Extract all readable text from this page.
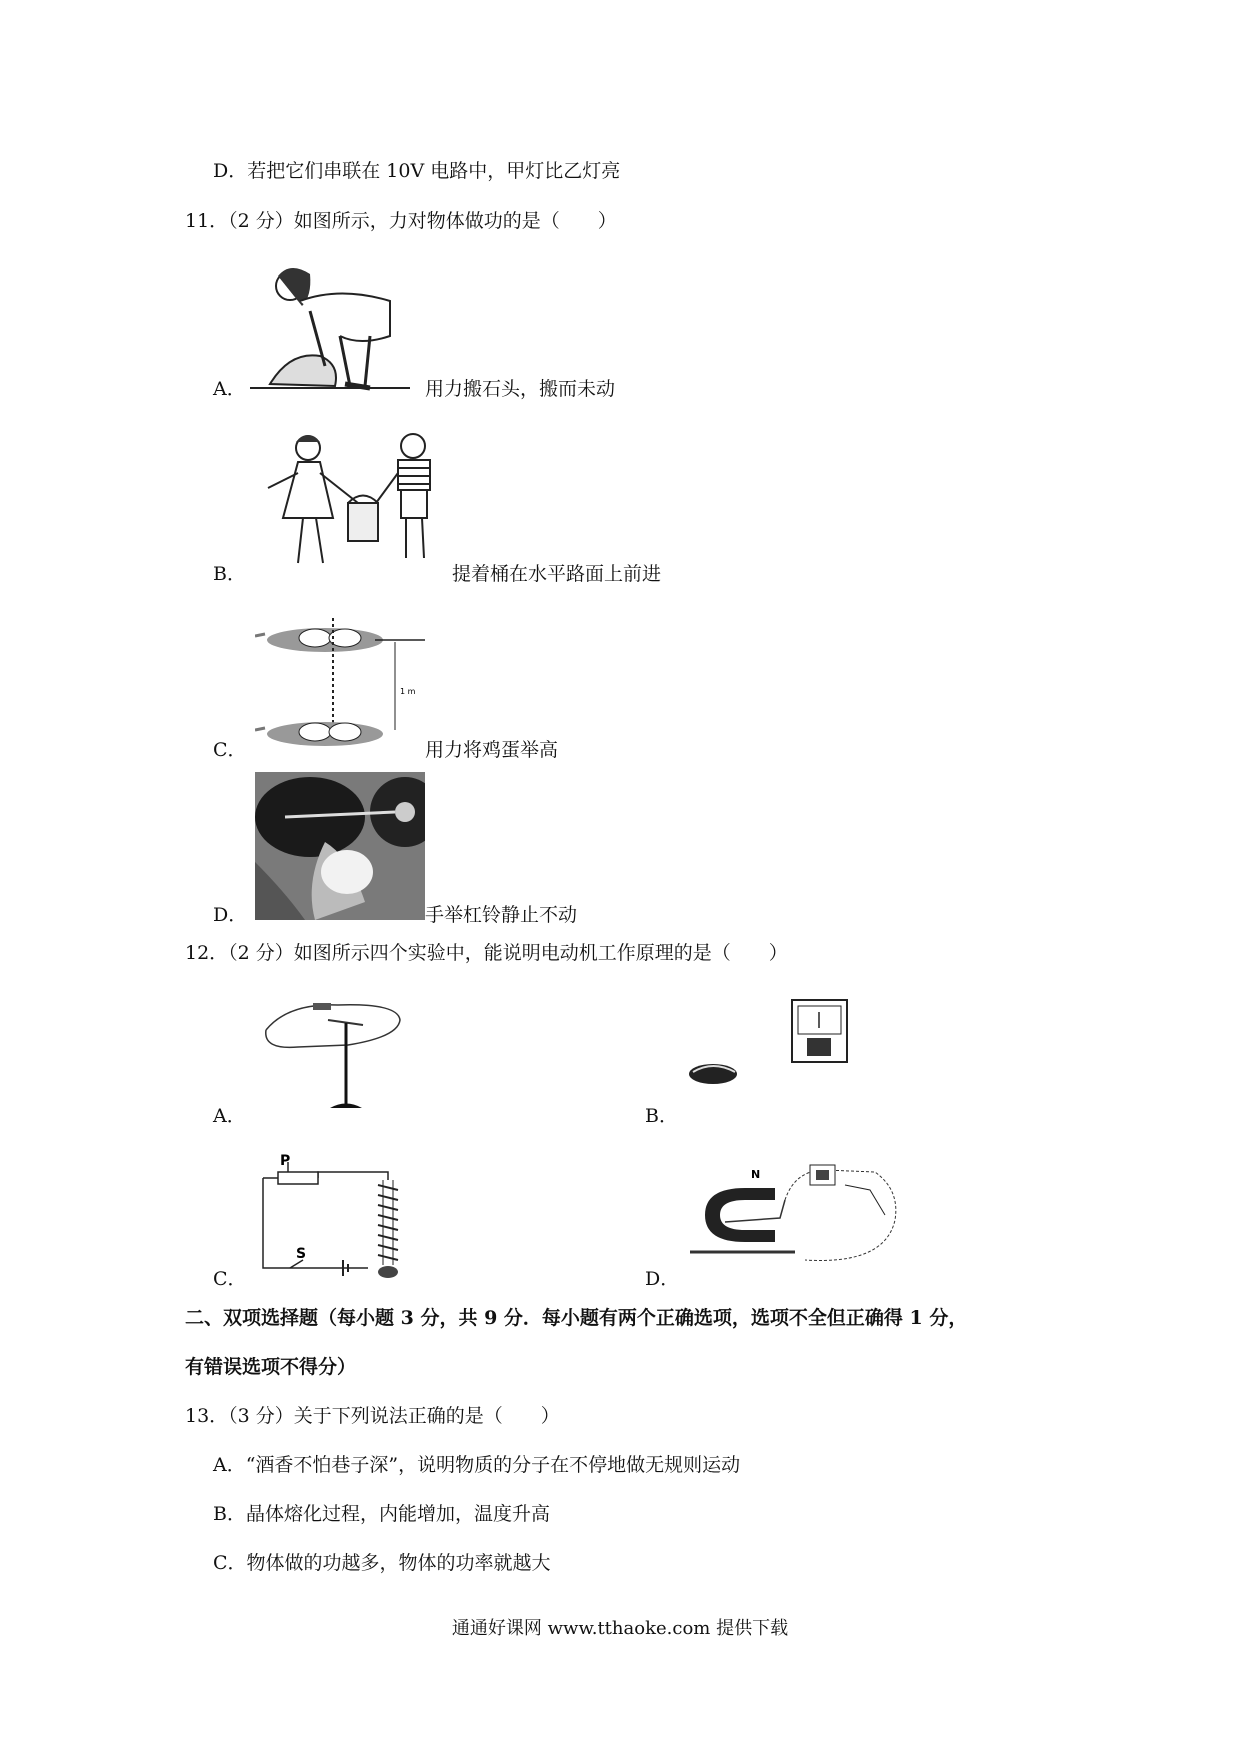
D．若把它们串联在 10V 电路中，甲灯比乙灯亮
11．（2 分）如图所示，力对物体做功的是（　　）
A．	用力搬石头，搬而未动
B．	提着桶在水平路面上前进
C．
1 m
用力将鸡蛋举高
D．	手举杠铃静止不动
12．（2 分）如图所示四个实验中，能说明电动机工作原理的是（　　）
A．	B．
C．
P
S
D．
N
二、双项选择题（每小题 3 分，共 9 分．每小题有两个正确选项，选项不全但正确得 1 分，
有错误选项不得分）
13．（3 分）关于下列说法正确的是（　　）
A．“酒香不怕巷子深”，说明物质的分子在不停地做无规则运动
B．晶体熔化过程，内能增加，温度升高
C．物体做的功越多，物体的功率就越大
通通好课网 www.tthaoke.com 提供下载
